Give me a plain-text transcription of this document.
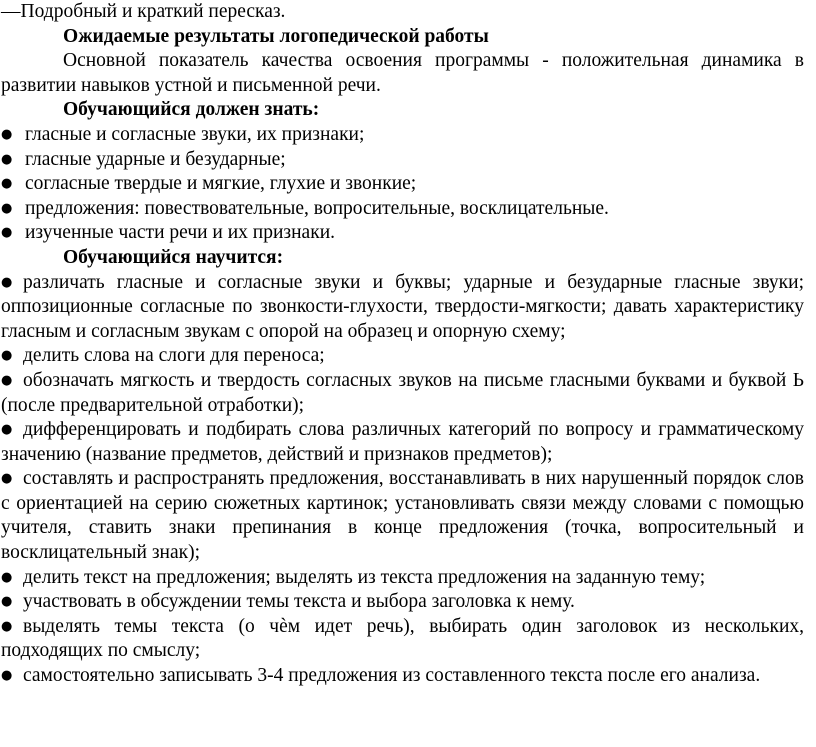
—Подробный и краткий пересказ.

Ожидаемые результаты логопедической работы

Основной показатель качества освоения программы - положительная динамика в развитии навыков устной и письменной речи.

Обучающийся должен знать:

● гласные и согласные звуки, их признаки;

● гласные ударные и безударные;

● согласные твердые и мягкие, глухие и звонкие;

● предложения: повествовательные, вопросительные, восклицательные.

● изученные части речи и их признаки.

Обучающийся научится:

● различать гласные и согласные звуки и буквы; ударные и безударные гласные звуки; оппозиционные согласные по звонкости-глухости, твердости-мягкости; давать характеристику гласным и согласным звукам с опорой на образец и опорную схему;

● делить слова на слоги для переноса;

● обозначать мягкость и твердость согласных звуков на письме гласными буквами и буквой Ь (после предварительной отработки);

● дифференцировать и подбирать слова различных категорий по вопросу и грамматическому значению (название предметов, действий и признаков предметов);

● составлять и распространять предложения, восстанавливать в них нарушенный порядок слов с ориентацией на серию сюжетных картинок; установливать связи между словами с помощью учителя, ставить знаки препинания в конце предложения (точка, вопросительный и восклицательный знак);

● делить текст на предложения; выделять из текста предложения на заданную тему;

● участвовать в обсуждении темы текста и выбора заголовка к нему.

● выделять темы текста (о чѐм идет речь), выбирать один заголовок из нескольких, подходящих по смыслу;

● самостоятельно записывать 3-4 предложения из составленного текста после его анализа.
